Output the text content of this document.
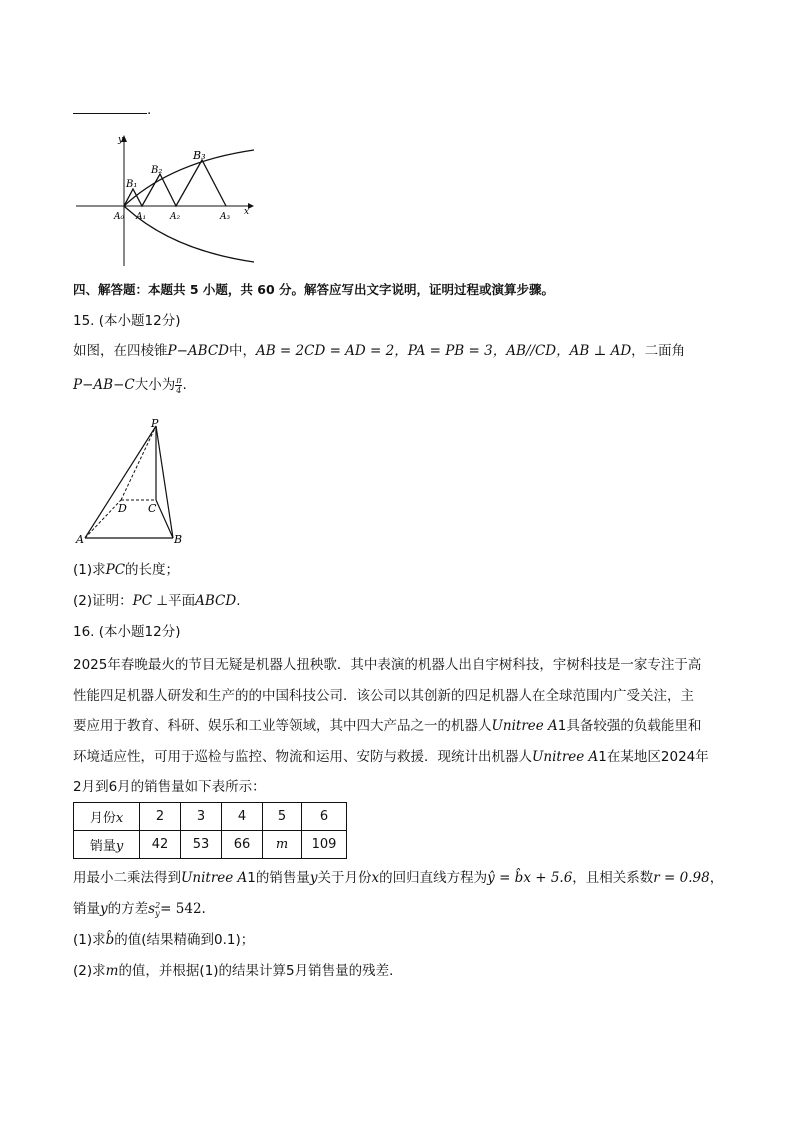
.
y
x
A₀ A₁	A₂	A₃
B₁
B₂
B₃
四、解答题：本题共 5 小题，共 60 分。解答应写出文字说明，证明过程或演算步骤。
15. (本小题12分)
如图，在四棱锥P−ABCD中，AB = 2CD = AD = 2，PA = PB = 3，AB//CD，AB ⊥ AD，二面角
P−AB−C大小为 $\frac{\pi}{4}$ .
P
A	B
C
D
(1)求PC的长度；
(2)证明：PC ⊥平面ABCD.
16. (本小题12分)
2025年春晚最火的节目无疑是机器人扭秧歌．其中表演的机器人出自宇树科技，宇树科技是一家专注于高
性能四足机器人研发和生产的的中国科技公司．该公司以其创新的四足机器人在全球范围内广受关注，主
要应用于教育、科研、娱乐和工业等领域，其中四大产品之一的机器人Unitree A1具备较强的负载能里和
环境适应性，可用于巡检与监控、物流和运用、安防与救援．现统计出机器人Unitree A1在某地区2024年
2月到6月的销售量如下表所示：
月份x	2	3	4	5	6
销量y	42	53	66	m	109
用最小二乘法得到Unitree A1的销售量y关于月份x的回归直线方程为ŷ = b̂x + 5.6，且相关系数r = 0.98，
销量y的方差s 2
y = 542.
(1)求b̂的值(结果精确到0.1)；
(2)求m的值，并根据(1)的结果计算5月销售量的残差．
